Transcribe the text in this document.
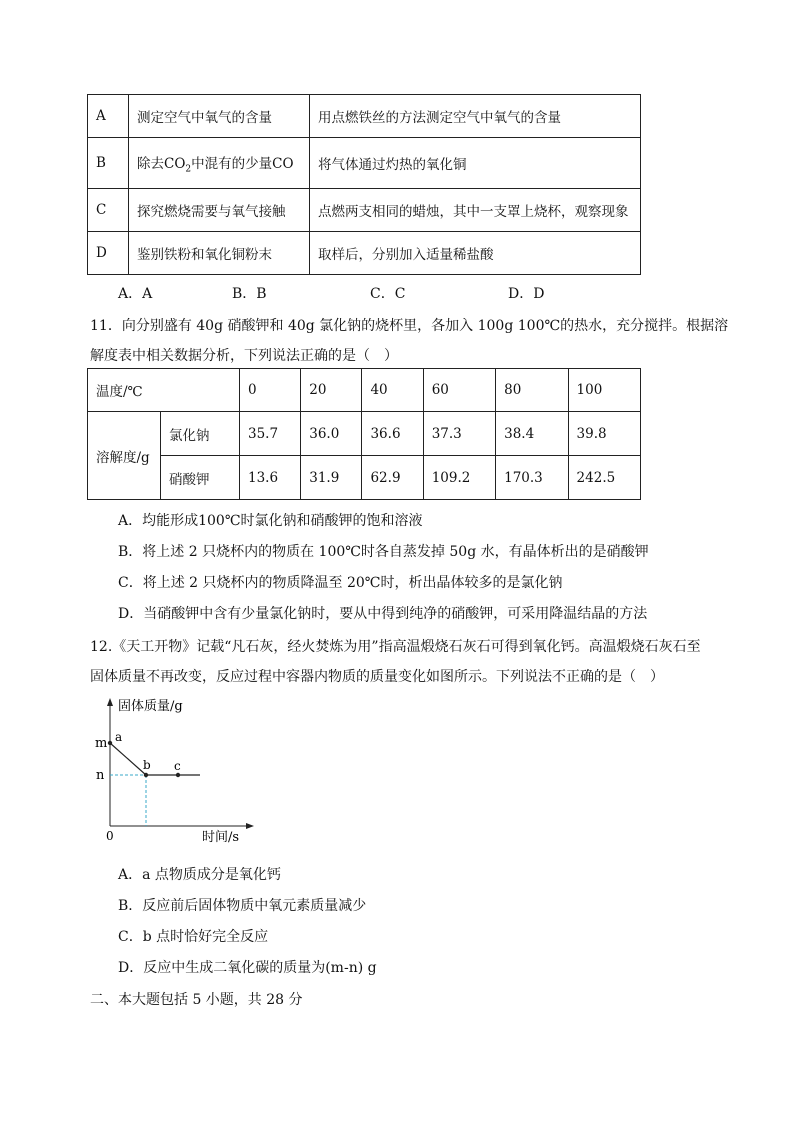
A	测定空气中氧气的含量	用点燃铁丝的方法测定空气中氧气的含量
B	除去$CO_2$中混有的少量CO	将气体通过灼热的氧化铜
C	探究燃烧需要与氧气接触	点燃两支相同的蜡烛，其中一支罩上烧杯，观察现象
D	鉴别铁粉和氧化铜粉末	取样后，分别加入适量稀盐酸
A．A	B．B	C．C	D．D
11．向分别盛有 40g 硝酸钾和 40g 氯化钠的烧杯里，各加入 100g 100℃的热水，充分搅拌。根据溶
解度表中相关数据分析，下列说法正确的是（　）
温度/℃		0	20	40	60	80	100
溶解度/g	氯化钠	35.7	36.0	36.6	37.3	38.4	39.8
	硝酸钾	13.6	31.9	62.9	109.2	170.3	242.5
A．均能形成100℃时氯化钠和硝酸钾的饱和溶液
B．将上述 2 只烧杯内的物质在 100℃时各自蒸发掉 50g 水，有晶体析出的是硝酸钾
C．将上述 2 只烧杯内的物质降温至 20℃时，析出晶体较多的是氯化钠
D．当硝酸钾中含有少量氯化钠时，要从中得到纯净的硝酸钾，可采用降温结晶的方法
12.《天工开物》记载“凡石灰，经火焚炼为用”指高温煅烧石灰石可得到氧化钙。高温煅烧石灰石至
固体质量不再改变，反应过程中容器内物质的质量变化如图所示。下列说法不正确的是（　）
固体质量/g
时间/s
0
m
n
a
b c
A．a 点物质成分是氧化钙
B．反应前后固体物质中氧元素质量减少
C．b 点时恰好完全反应
D．反应中生成二氧化碳的质量为(m-n) g
二、本大题包括 5 小题，共 28 分
